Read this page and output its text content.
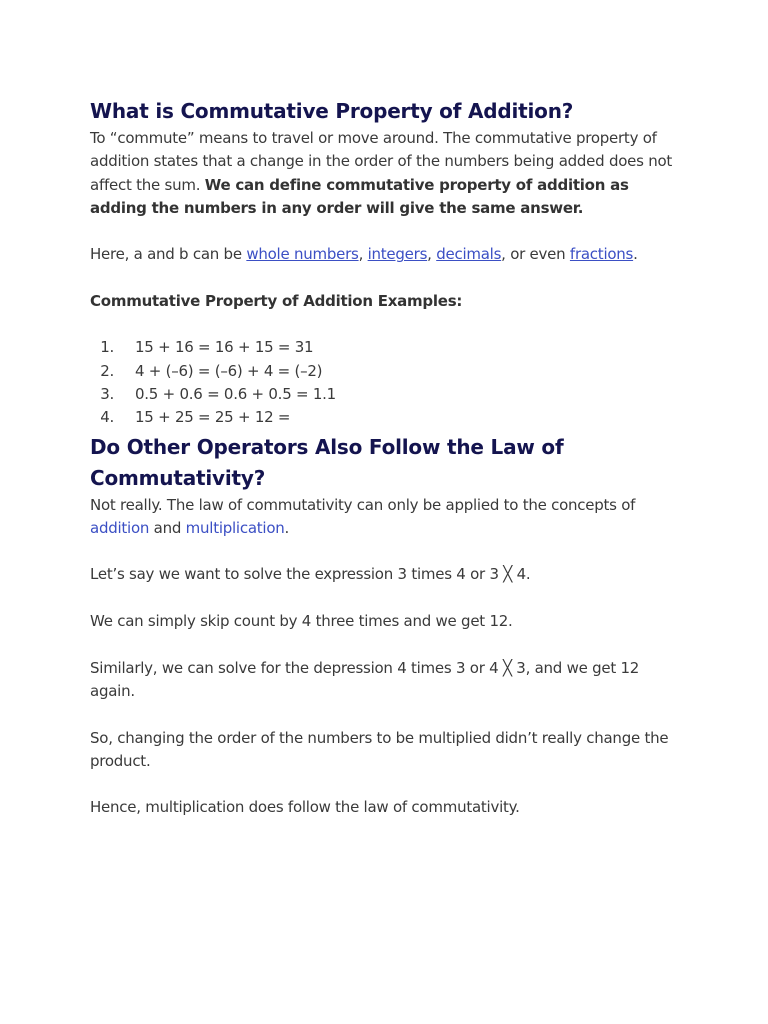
What is Commutative Property of Addition?

To “commute” means to travel or move around. The commutative property of addition states that a change in the order of the numbers being added does not affect the sum. We can define commutative property of addition as adding the numbers in any order will give the same answer.

Here, a and b can be whole numbers, integers, decimals, or even fractions.

Commutative Property of Addition Examples:

1. 15 + 16 = 16 + 15 = 31
2. 4 + (–6) = (–6) + 4 = (–2)
3. 0.5 + 0.6 = 0.6 + 0.5 = 1.1
4. 15 + 25 = 25 + 12 =
Do Other Operators Also Follow the Law of Commutativity?

Not really. The law of commutativity can only be applied to the concepts of addition and multiplication.

Let’s say we want to solve the expression 3 times 4 or 3 ╳ 4.

We can simply skip count by 4 three times and we get 12.

Similarly, we can solve for the depression 4 times 3 or 4 ╳ 3, and we get 12 again.

So, changing the order of the numbers to be multiplied didn’t really change the product.

Hence, multiplication does follow the law of commutativity.
